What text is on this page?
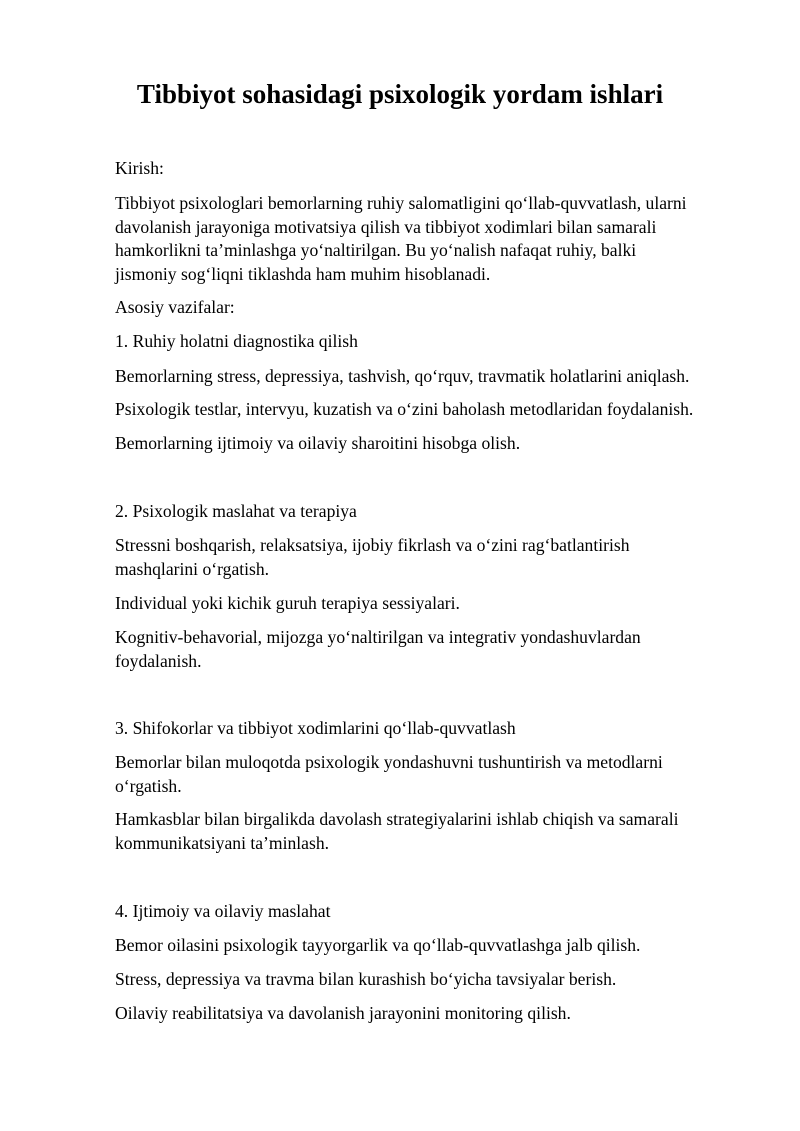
Tibbiyot sohasidagi psixologik yordam ishlari

Kirish:

Tibbiyot psixologlari bemorlarning ruhiy salomatligini qo‘llab-quvvatlash, ularni
davolanish jarayoniga motivatsiya qilish va tibbiyot xodimlari bilan samarali
hamkorlikni ta’minlashga yo‘naltirilgan. Bu yo‘nalish nafaqat ruhiy, balki
jismoniy sog‘liqni tiklashda ham muhim hisoblanadi.

Asosiy vazifalar:

1. Ruhiy holatni diagnostika qilish

Bemorlarning stress, depressiya, tashvish, qo‘rquv, travmatik holatlarini aniqlash.

Psixologik testlar, intervyu, kuzatish va o‘zini baholash metodlaridan foydalanish.

Bemorlarning ijtimoiy va oilaviy sharoitini hisobga olish.

2. Psixologik maslahat va terapiya

Stressni boshqarish, relaksatsiya, ijobiy fikrlash va o‘zini rag‘batlantirish
mashqlarini o‘rgatish.

Individual yoki kichik guruh terapiya sessiyalari.

Kognitiv-behavorial, mijozga yo‘naltirilgan va integrativ yondashuvlardan
foydalanish.

3. Shifokorlar va tibbiyot xodimlarini qo‘llab-quvvatlash

Bemorlar bilan muloqotda psixologik yondashuvni tushuntirish va metodlarni
o‘rgatish.

Hamkasblar bilan birgalikda davolash strategiyalarini ishlab chiqish va samarali
kommunikatsiyani ta’minlash.

4. Ijtimoiy va oilaviy maslahat

Bemor oilasini psixologik tayyorgarlik va qo‘llab-quvvatlashga jalb qilish.

Stress, depressiya va travma bilan kurashish bo‘yicha tavsiyalar berish.

Oilaviy reabilitatsiya va davolanish jarayonini monitoring qilish.
